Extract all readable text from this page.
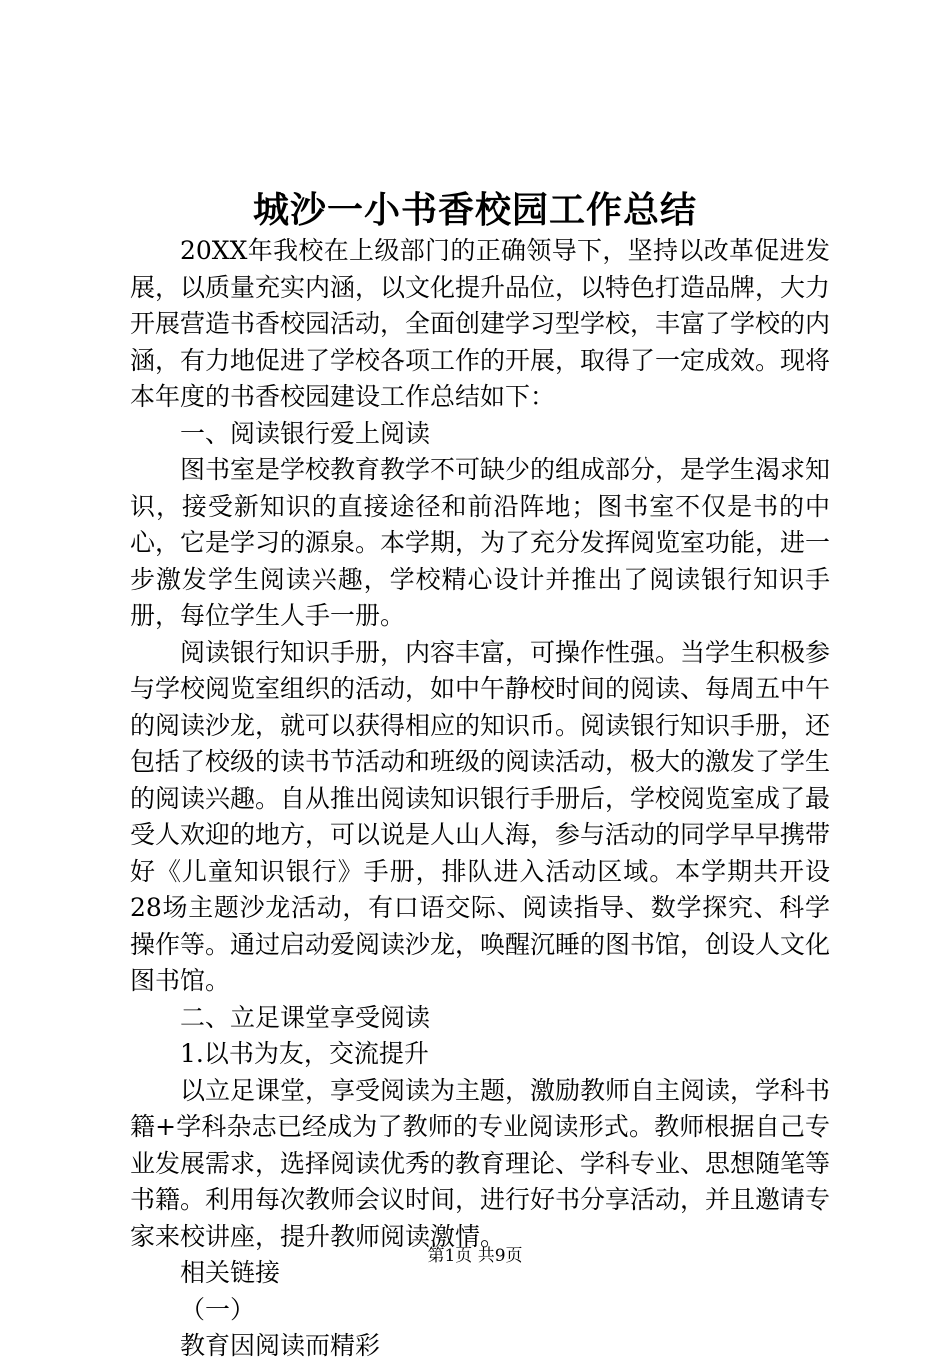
城沙一小书香校园工作总结

20XX年我校在上级部门的正确领导下，坚持以改革促进发展，以质量充实内涵，以文化提升品位，以特色打造品牌，大力开展营造书香校园活动，全面创建学习型学校，丰富了学校的内涵，有力地促进了学校各项工作的开展，取得了一定成效。现将本年度的书香校园建设工作总结如下：

一、阅读银行爱上阅读

图书室是学校教育教学不可缺少的组成部分，是学生渴求知识，接受新知识的直接途径和前沿阵地；图书室不仅是书的中心，它是学习的源泉。本学期，为了充分发挥阅览室功能，进一步激发学生阅读兴趣，学校精心设计并推出了阅读银行知识手册，每位学生人手一册。

阅读银行知识手册，内容丰富，可操作性强。当学生积极参与学校阅览室组织的活动，如中午静校时间的阅读、每周五中午的阅读沙龙，就可以获得相应的知识币。阅读银行知识手册，还包括了校级的读书节活动和班级的阅读活动，极大的激发了学生的阅读兴趣。自从推出阅读知识银行手册后，学校阅览室成了最受人欢迎的地方，可以说是人山人海，参与活动的同学早早携带好《儿童知识银行》手册，排队进入活动区域。本学期共开设28场主题沙龙活动，有口语交际、阅读指导、数学探究、科学操作等。通过启动爱阅读沙龙，唤醒沉睡的图书馆，创设人文化图书馆。

二、立足课堂享受阅读

1.以书为友，交流提升

以立足课堂，享受阅读为主题，激励教师自主阅读，学科书籍+学科杂志已经成为了教师的专业阅读形式。教师根据自己专业发展需求，选择阅读优秀的教育理论、学科专业、思想随笔等书籍。利用每次教师会议时间，进行好书分享活动，并且邀请专家来校讲座，提升教师阅读激情。

相关链接

（一）

教育因阅读而精彩

第1页 共9页
